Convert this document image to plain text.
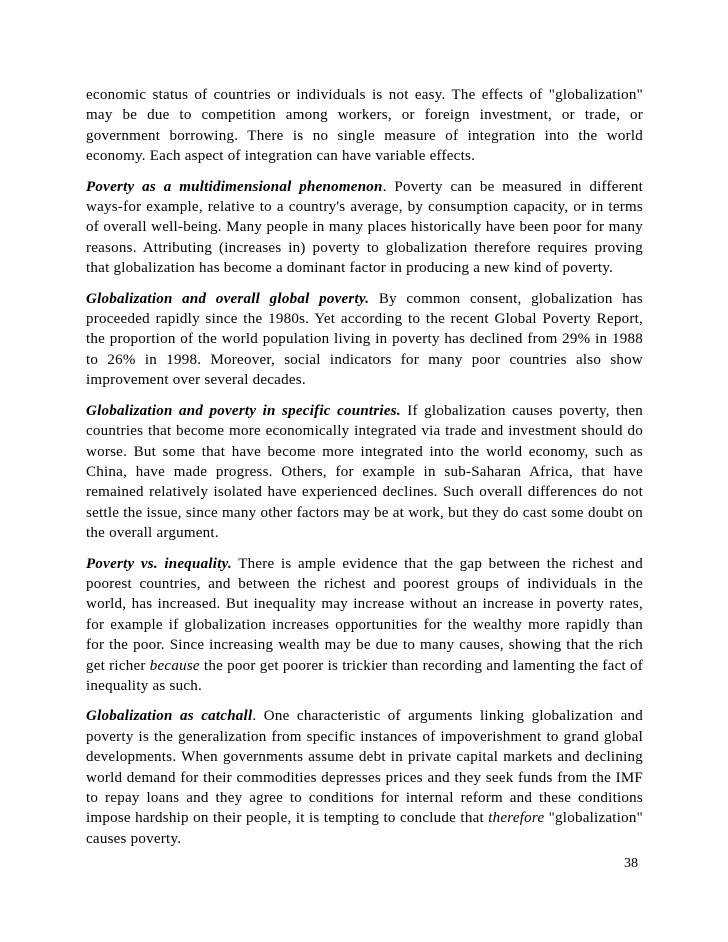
economic status of countries or individuals is not easy. The effects of "globalization" may be due to competition among workers, or foreign investment, or trade, or government borrowing. There is no single measure of integration into the world economy. Each aspect of integration can have variable effects.

Poverty as a multidimensional phenomenon. Poverty can be measured in different ways-for example, relative to a country's average, by consumption capacity, or in terms of overall well-being. Many people in many places historically have been poor for many reasons. Attributing (increases in) poverty to globalization therefore requires proving that globalization has become a dominant factor in producing a new kind of poverty.

Globalization and overall global poverty. By common consent, globalization has proceeded rapidly since the 1980s. Yet according to the recent Global Poverty Report, the proportion of the world population living in poverty has declined from 29% in 1988 to 26% in 1998. Moreover, social indicators for many poor countries also show improvement over several decades.

Globalization and poverty in specific countries. If globalization causes poverty, then countries that become more economically integrated via trade and investment should do worse. But some that have become more integrated into the world economy, such as China, have made progress. Others, for example in sub-Saharan Africa, that have remained relatively isolated have experienced declines. Such overall differences do not settle the issue, since many other factors may be at work, but they do cast some doubt on the overall argument.

Poverty vs. inequality. There is ample evidence that the gap between the richest and poorest countries, and between the richest and poorest groups of individuals in the world, has increased. But inequality may increase without an increase in poverty rates, for example if globalization increases opportunities for the wealthy more rapidly than for the poor. Since increasing wealth may be due to many causes, showing that the rich get richer because the poor get poorer is trickier than recording and lamenting the fact of inequality as such.

Globalization as catchall. One characteristic of arguments linking globalization and poverty is the generalization from specific instances of impoverishment to grand global developments. When governments assume debt in private capital markets and declining world demand for their commodities depresses prices and they seek funds from the IMF to repay loans and they agree to conditions for internal reform and these conditions impose hardship on their people, it is tempting to conclude that therefore "globalization" causes poverty.

38
